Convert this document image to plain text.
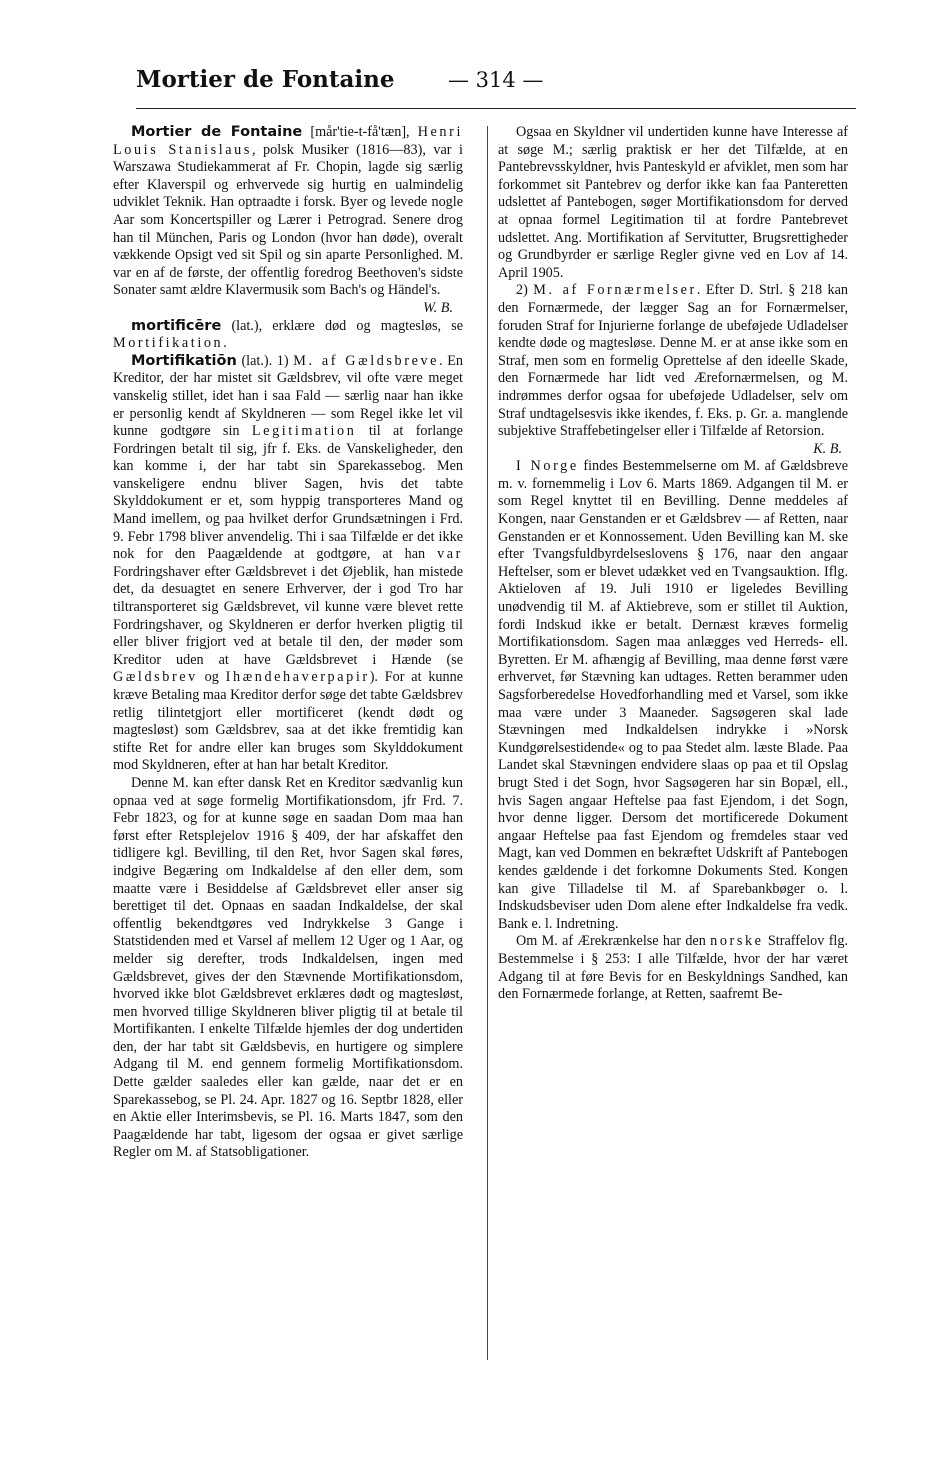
Mortier de Fontaine	— 314 —

Mortier de Fontaine [mår'tie-t-få'tæn], Henri Louis Stanislaus, polsk Musiker (1816—83), var i Warszawa Studiekammerat af Fr. Chopin, lagde sig særlig efter Klaverspil og erhvervede sig hurtig en ualmindelig udviklet Teknik. Han optraadte i forsk. Byer og levede nogle Aar som Koncertspiller og Lærer i Petrograd. Senere drog han til München, Paris og London (hvor han døde), overalt vækkende Opsigt ved sit Spil og sin aparte Personlighed. M. var en af de første, der offentlig foredrog Beethoven's sidste Sonater samt ældre Klavermusik som Bach's og Händel's.

W. B.

mortificēre (lat.), erklære død og magtesløs, se Mortifikation.

Mortifikatiōn (lat.). 1) M. af Gældsbreve. En Kreditor, der har mistet sit Gældsbrev, vil ofte være meget vanskelig stillet, idet han i saa Fald — særlig naar han ikke er personlig kendt af Skyldneren — som Regel ikke let vil kunne godtgøre sin Legitimation til at forlange Fordringen betalt til sig, jfr f. Eks. de Vanskeligheder, den kan komme i, der har tabt sin Sparekassebog. Men vanskeligere endnu bliver Sagen, hvis det tabte Skylddokument er et, som hyppig transporteres Mand og Mand imellem, og paa hvilket derfor Grundsætningen i Frd. 9. Febr 1798 bliver anvendelig. Thi i saa Tilfælde er det ikke nok for den Paagældende at godtgøre, at han var Fordringshaver efter Gældsbrevet i det Øjeblik, han mistede det, da desuagtet en senere Erhverver, der i god Tro har tiltransporteret sig Gældsbrevet, vil kunne være blevet rette Fordringshaver, og Skyldneren er derfor hverken pligtig til eller bliver frigjort ved at betale til den, der møder som Kreditor uden at have Gældsbrevet i Hænde (se Gældsbrev og Ihændehaverpapir). For at kunne kræve Betaling maa Kreditor derfor søge det tabte Gældsbrev retlig tilintetgjort eller mortificeret (kendt dødt og magtesløst) som Gældsbrev, saa at det ikke fremtidig kan stifte Ret for andre eller kan bruges som Skylddokument mod Skyldneren, efter at han har betalt Kreditor.

Denne M. kan efter dansk Ret en Kreditor sædvanlig kun opnaa ved at søge formelig Mortifikationsdom, jfr Frd. 7. Febr 1823, og for at kunne søge en saadan Dom maa han først efter Retsplejelov 1916 § 409, der har afskaffet den tidligere kgl. Bevilling, til den Ret, hvor Sagen skal føres, indgive Begæring om Indkaldelse af den eller dem, som maatte være i Besiddelse af Gældsbrevet eller anser sig berettiget til det. Opnaas en saadan Indkaldelse, der skal offentlig bekendtgøres ved Indrykkelse 3 Gange i Statstidenden med et Varsel af mellem 12 Uger og 1 Aar, og melder sig derefter, trods Indkaldelsen, ingen med Gældsbrevet, gives der den Stævnende Mortifikationsdom, hvorved ikke blot Gældsbrevet erklæres dødt og magtesløst, men hvorved tillige Skyldneren bliver pligtig til at betale til Mortifikanten. I enkelte Tilfælde hjemles der dog undertiden den, der har tabt sit Gældsbevis, en hurtigere og simplere Adgang til M. end gennem formelig Mortifikationsdom. Dette gælder saaledes eller kan gælde, naar det er en Sparekassebog, se Pl. 24. Apr. 1827 og 16. Septbr 1828, eller en Aktie eller Interimsbevis, se Pl. 16. Marts 1847, som den Paagældende har tabt, ligesom der ogsaa er givet særlige Regler om M. af Statsobligationer.

Ogsaa en Skyldner vil undertiden kunne have Interesse af at søge M.; særlig praktisk er her det Tilfælde, at en Pantebrevsskyldner, hvis Panteskyld er afviklet, men som har forkommet sit Pantebrev og derfor ikke kan faa Panteretten udslettet af Pantebogen, søger Mortifikationsdom for derved at opnaa formel Legitimation til at fordre Pantebrevet udslettet. Ang. Mortifikation af Servitutter, Brugsrettigheder og Grundbyrder er særlige Regler givne ved en Lov af 14. April 1905.

2) M. af Fornærmelser. Efter D. Strl. § 218 kan den Fornærmede, der lægger Sag an for Fornærmelser, foruden Straf for Injurierne forlange de ubeføjede Udladelser kendte døde og magtesløse. Denne M. er at anse ikke som en Straf, men som en formelig Oprettelse af den ideelle Skade, den Fornærmede har lidt ved Ærefornærmelsen, og M. indrømmes derfor ogsaa for ubeføjede Udladelser, selv om Straf undtagelsesvis ikke ikendes, f. Eks. p. Gr. a. manglende subjektive Straffebetingelser eller i Tilfælde af Retorsion.
K. B.

I Norge findes Bestemmelserne om M. af Gældsbreve m. v. fornemmelig i Lov 6. Marts 1869. Adgangen til M. er som Regel knyttet til en Bevilling. Denne meddeles af Kongen, naar Genstanden er et Gældsbrev — af Retten, naar Genstanden er et Konnossement. Uden Bevilling kan M. ske efter Tvangsfuldbyrdelseslovens § 176, naar den angaar Heftelser, som er blevet udækket ved en Tvangsauktion. Iflg. Aktieloven af 19. Juli 1910 er ligeledes Bevilling unødvendig til M. af Aktiebreve, som er stillet til Auktion, fordi Indskud ikke er betalt. Dernæst kræves formelig Mortifikationsdom. Sagen maa anlægges ved Herreds- ell. Byretten. Er M. afhængig af Bevilling, maa denne først være erhvervet, før Stævning kan udtages. Retten berammer uden Sagsforberedelse Hovedforhandling med et Varsel, som ikke maa være under 3 Maaneder. Sagsøgeren skal lade Stævningen med Indkaldelsen indrykke i »Norsk Kundgørelsestidende« og to paa Stedet alm. læste Blade. Paa Landet skal Stævningen endvidere slaas op paa et til Opslag brugt Sted i det Sogn, hvor Sagsøgeren har sin Bopæl, ell., hvis Sagen angaar Heftelse paa fast Ejendom, i det Sogn, hvor denne ligger. Dersom det mortificerede Dokument angaar Heftelse paa fast Ejendom og fremdeles staar ved Magt, kan ved Dommen en bekræftet Udskrift af Pantebogen kendes gældende i det forkomne Dokuments Sted. Kongen kan give Tilladelse til M. af Sparebankbøger o. l. Indskudsbeviser uden Dom alene efter Indkaldelse fra vedk. Bank e. l. Indretning.

Om M. af Ærekrænkelse har den norske Straffelov flg. Bestemmelse i § 253: I alle Tilfælde, hvor der har været Adgang til at føre Bevis for en Beskyldnings Sandhed, kan den Fornærmede forlange, at Retten, saafremt Be-
